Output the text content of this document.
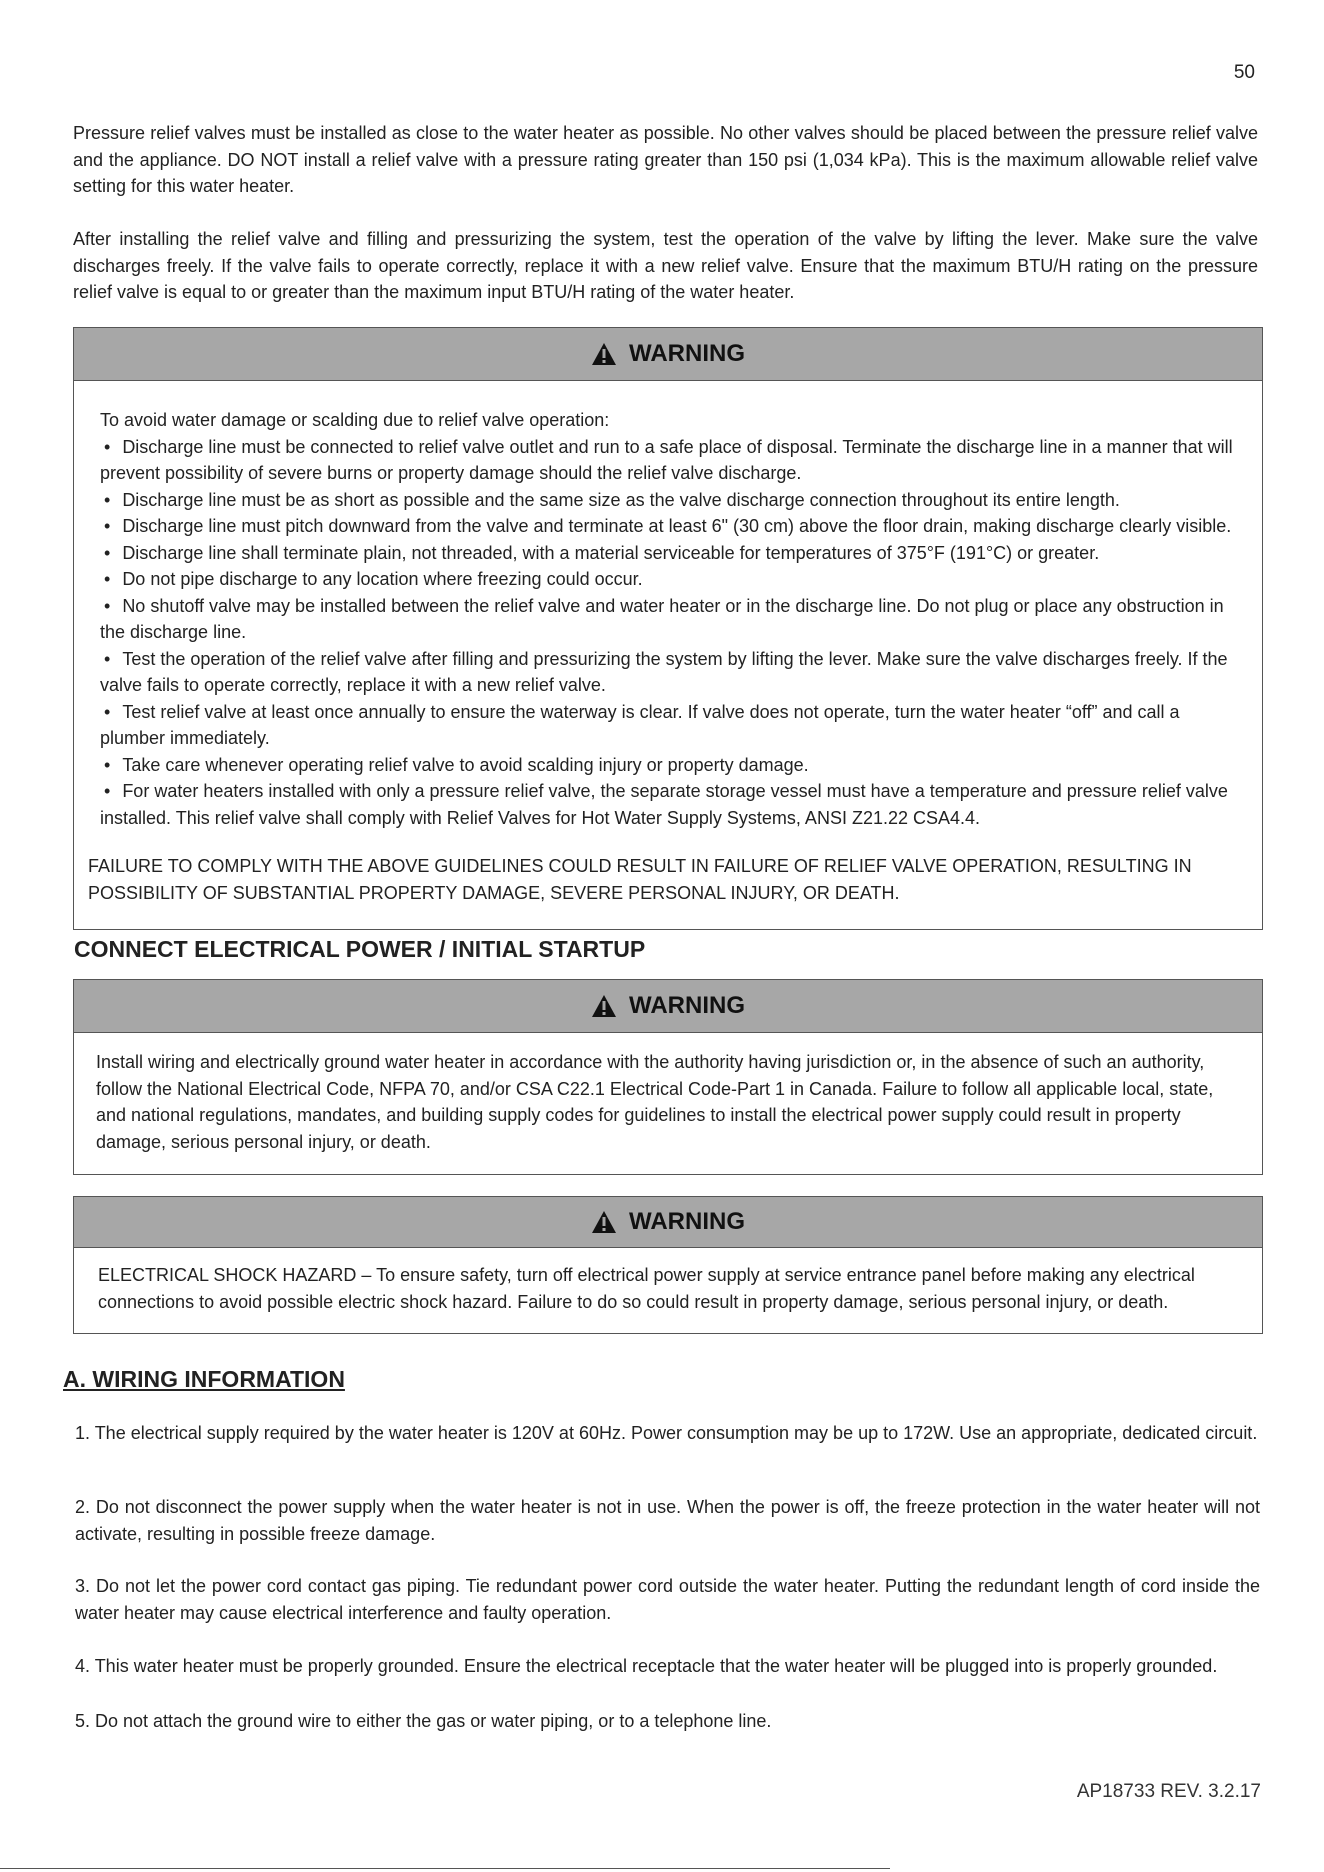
50

Pressure relief valves must be installed as close to the water heater as possible. No other valves should be placed between the pressure relief valve and the appliance. DO NOT install a relief valve with a pressure rating greater than 150 psi (1,034 kPa). This is the maximum allowable relief valve setting for this water heater.

After installing the relief valve and filling and pressurizing the system, test the operation of the valve by lifting the lever. Make sure the valve discharges freely. If the valve fails to operate correctly, replace it with a new relief valve. Ensure that the maximum BTU/H rating on the pressure relief valve is equal to or greater than the maximum input BTU/H rating of the water heater.

WARNING

To avoid water damage or scalding due to relief valve operation:

• Discharge line must be connected to relief valve outlet and run to a safe place of disposal. Terminate the discharge line in a manner that will prevent possibility of severe burns or property damage should the relief valve discharge.

• Discharge line must be as short as possible and the same size as the valve discharge connection throughout its entire length.

• Discharge line must pitch downward from the valve and terminate at least 6" (30 cm) above the floor drain, making discharge clearly visible.

• Discharge line shall terminate plain, not threaded, with a material serviceable for temperatures of 375°F (191°C) or greater.

• Do not pipe discharge to any location where freezing could occur.

• No shutoff valve may be installed between the relief valve and water heater or in the discharge line. Do not plug or place any obstruction in the discharge line.

• Test the operation of the relief valve after filling and pressurizing the system by lifting the lever. Make sure the valve discharges freely. If the valve fails to operate correctly, replace it with a new relief valve.

• Test relief valve at least once annually to ensure the waterway is clear. If valve does not operate, turn the water heater “off” and call a plumber immediately.

• Take care whenever operating relief valve to avoid scalding injury or property damage.

• For water heaters installed with only a pressure relief valve, the separate storage vessel must have a temperature and pressure relief valve installed. This relief valve shall comply with Relief Valves for Hot Water Supply Systems, ANSI Z21.22 CSA4.4.

FAILURE TO COMPLY WITH THE ABOVE GUIDELINES COULD RESULT IN FAILURE OF RELIEF VALVE OPERATION, RESULTING IN POSSIBILITY OF SUBSTANTIAL PROPERTY DAMAGE, SEVERE PERSONAL INJURY, OR DEATH.

CONNECT ELECTRICAL POWER / INITIAL STARTUP
WARNING

Install wiring and electrically ground water heater in accordance with the authority having jurisdiction or, in the absence of such an authority, follow the National Electrical Code, NFPA 70, and/or CSA C22.1 Electrical Code-Part 1 in Canada. Failure to follow all applicable local, state, and national regulations, mandates, and building supply codes for guidelines to install the electrical power supply could result in property damage, serious personal injury, or death.

WARNING

ELECTRICAL SHOCK HAZARD – To ensure safety, turn off electrical power supply at service entrance panel before making any electrical connections to avoid possible electric shock hazard. Failure to do so could result in property damage, serious personal injury, or death.

A. WIRING INFORMATION

1. The electrical supply required by the water heater is 120V at 60Hz. Power consumption may be up to 172W. Use an appropriate, dedicated circuit.

2. Do not disconnect the power supply when the water heater is not in use. When the power is off, the freeze protection in the water heater will not activate, resulting in possible freeze damage.

3. Do not let the power cord contact gas piping. Tie redundant power cord outside the water heater. Putting the redundant length of cord inside the water heater may cause electrical interference and faulty operation.

4. This water heater must be properly grounded. Ensure the electrical receptacle that the water heater will be plugged into is properly grounded.

5. Do not attach the ground wire to either the gas or water piping, or to a telephone line.

AP18733 REV. 3.2.17
